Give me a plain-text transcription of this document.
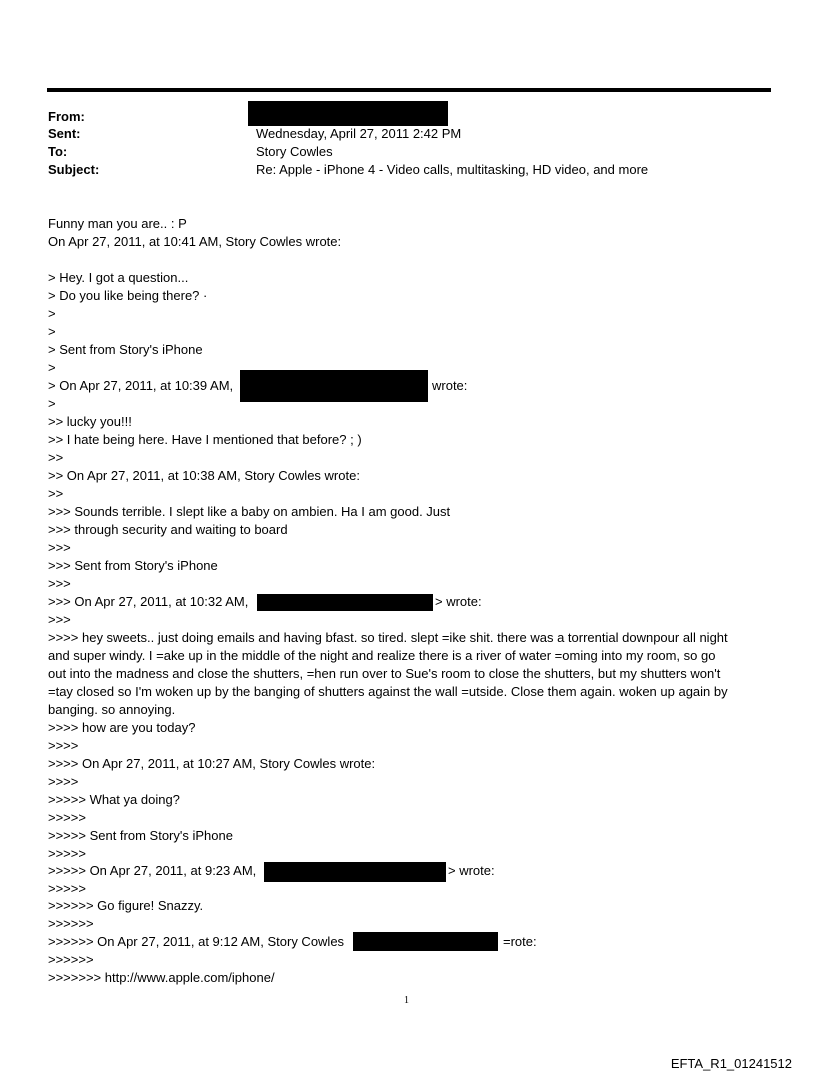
From:
Sent:	Wednesday, April 27, 2011 2:42 PM
To:	Story Cowles
Subject:	Re: Apple - iPhone 4 - Video calls, multitasking, HD video, and more
Funny man you are.. : P
On Apr 27, 2011, at 10:41 AM, Story Cowles wrote:
> Hey. I got a question...
> Do you like being there? ·
>
>
> Sent from Story's iPhone
>
> On Apr 27, 2011, at 10:39 AM,	wrote:
>
>> lucky you!!!
>> I hate being here. Have I mentioned that before? ; )
>>
>> On Apr 27, 2011, at 10:38 AM, Story Cowles wrote:
>>
>>> Sounds terrible. I slept like a baby on ambien. Ha I am good. Just
>>> through security and waiting to board
>>>
>>> Sent from Story's iPhone
>>>
>>> On Apr 27, 2011, at 10:32 AM,	> wrote:
>>>
>>>> hey sweets.. just doing emails and having bfast. so tired. slept =ike shit. there was a torrential downpour all night
and super windy. I =ake up in the middle of the night and realize there is a river of water =oming into my room, so go
out into the madness and close the shutters, =hen run over to Sue's room to close the shutters, but my shutters won't
=tay closed so I'm woken up by the banging of shutters against the wall =utside. Close them again. woken up again by
banging. so annoying.
>>>> how are you today?
>>>>
>>>> On Apr 27, 2011, at 10:27 AM, Story Cowles wrote:
>>>>
>>>>> What ya doing?
>>>>>
>>>>> Sent from Story's iPhone
>>>>>
>>>>> On Apr 27, 2011, at 9:23 AM,	> wrote:
>>>>>
>>>>>> Go figure! Snazzy.
>>>>>>
>>>>>> On Apr 27, 2011, at 9:12 AM, Story Cowles	=rote:
>>>>>>
>>>>>>> http://www.apple.com/iphone/
1
EFTA_R1_01241512
